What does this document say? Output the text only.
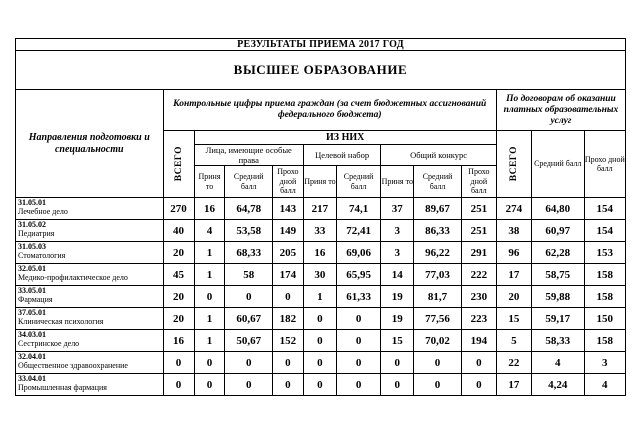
РЕЗУЛЬТАТЫ ПРИЕМА 2017 ГОД												
ВЫСШЕЕ ОБРАЗОВАНИЕ												
Направления подготовки и специальности	Контрольные цифры приема граждан (за счет бюджетных ассигнований федерального бюджета)									По договорам об оказании платных образовательных услуг		

	ВСЕГО	ИЗ НИХ								ВСЕГО	Средний балл	Прохо дной балл
		Лица, имеющие особые права			Целевой набор		Общий конкурс					
		Приня то	Средний балл	Прохо дной балл	Приня то	Средний балл	Приня то	Средний балл	Прохо дной балл			

31.05.01
Лечебное дело	270	16	64,78	143	217	74,1	37	89,67	251	274	64,80	154

31.05.02
Педиатрия	40	4	53,58	149	33	72,41	3	86,33	251	38	60,97	154

31.05.03
Стоматология	20	1	68,33	205	16	69,06	3	96,22	291	96	62,28	153

32.05.01
Медико-профилактическое дело	45	1	58	174	30	65,95	14	77,03	222	17	58,75	158

33.05.01
Фармация	20	0	0	0	1	61,33	19	81,7	230	20	59,88	158

37.05.01
Клиническая психология	20	1	60,67	182	0	0	19	77,56	223	15	59,17	150

34.03.01
Сестринское дело	16	1	50,67	152	0	0	15	70,02	194	5	58,33	158

32.04.01
Общественное здравоохранение	0	0	0	0	0	0	0	0	0	22	4	3

33.04.01
Промышленная фармация	0	0	0	0	0	0	0	0	0	17	4,24	4
